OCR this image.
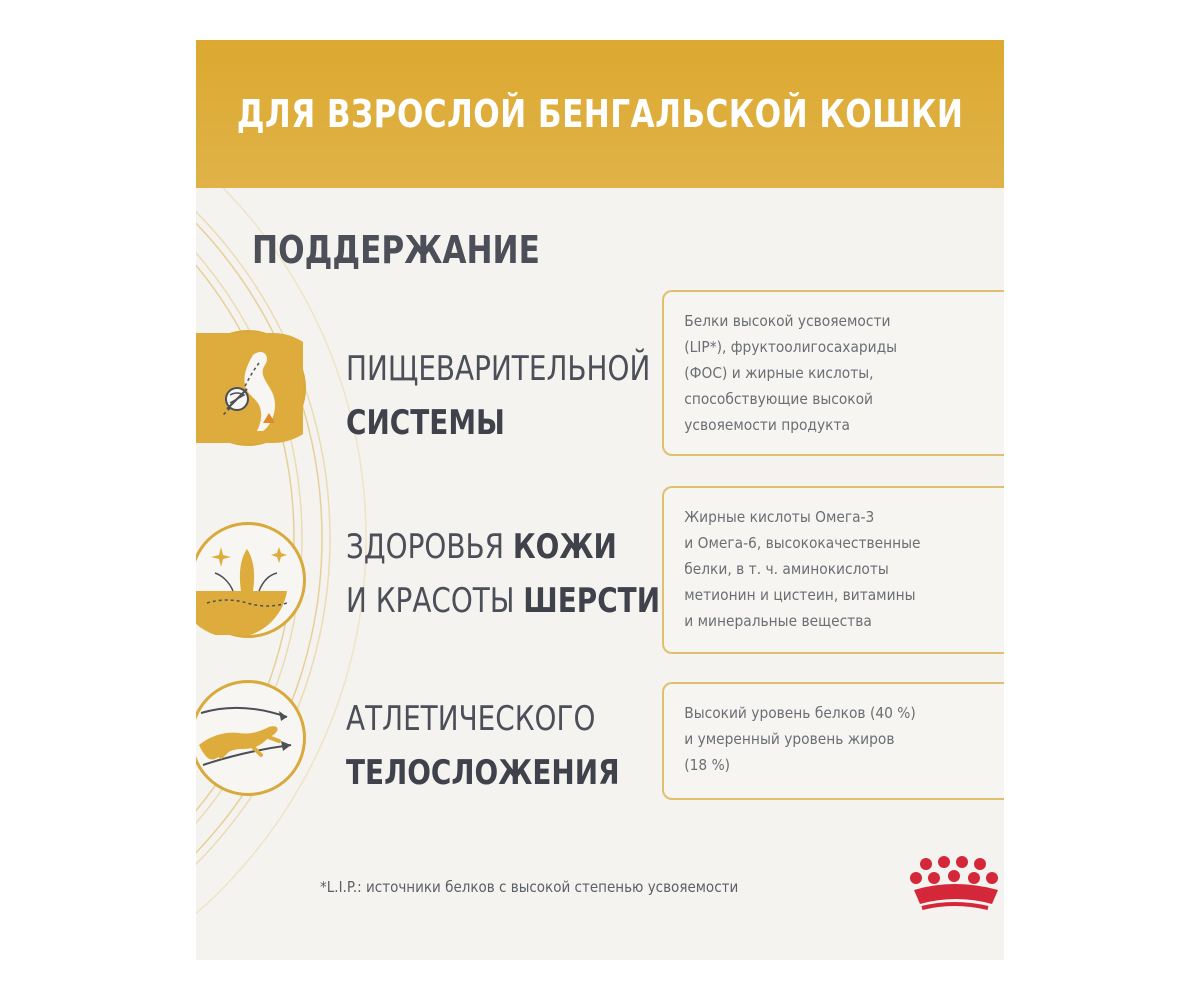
ДЛЯ ВЗРОСЛОЙ БЕНГАЛЬСКОЙ КОШКИ
ПОДДЕРЖАНИЕ
ПИЩЕВАРИТЕЛЬНОЙ
СИСТЕМЫ
Белки высокой усвояемости
(LIP*), фруктоолигосахариды
(ФОС) и жирные кислоты,
способствующие высокой
усвояемости продукта
ЗДОРОВЬЯ КОЖИ
И КРАСОТЫ ШЕРСТИ
Жирные кислоты Омега-3
и Омега-6, высококачественные
белки, в т. ч. аминокислоты
метионин и цистеин, витамины
и минеральные вещества
АТЛЕТИЧЕСКОГО
ТЕЛОСЛОЖЕНИЯ
Высокий уровень белков (40 %)
и умеренный уровень жиров
(18 %)
*L.I.P.: источники белков с высокой степенью усвояемости
